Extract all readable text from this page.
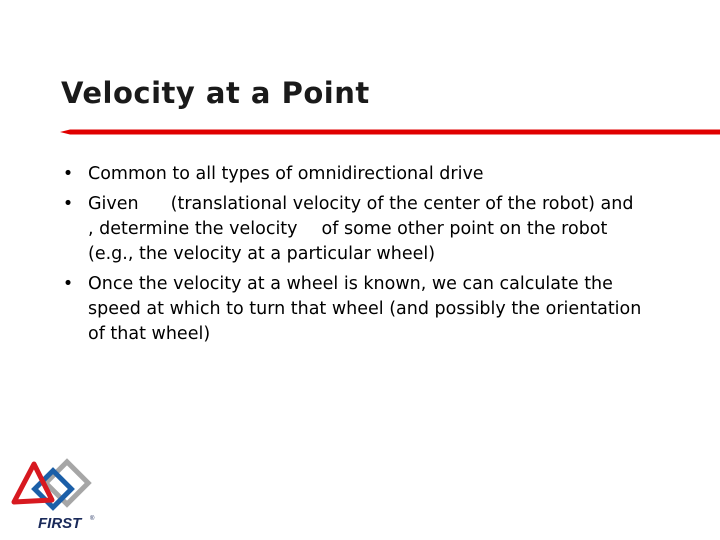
Velocity at a Point
• Common to all types of omnidirectional drive
• Given (translational velocity of the center of the robot) and, determine the velocity of some other point on the robot (e.g., the velocity at a particular wheel)
• Once the velocity at a wheel is known, we can calculate the speed at which to turn that wheel (and possibly the orientation of that wheel)
FIRST	®
